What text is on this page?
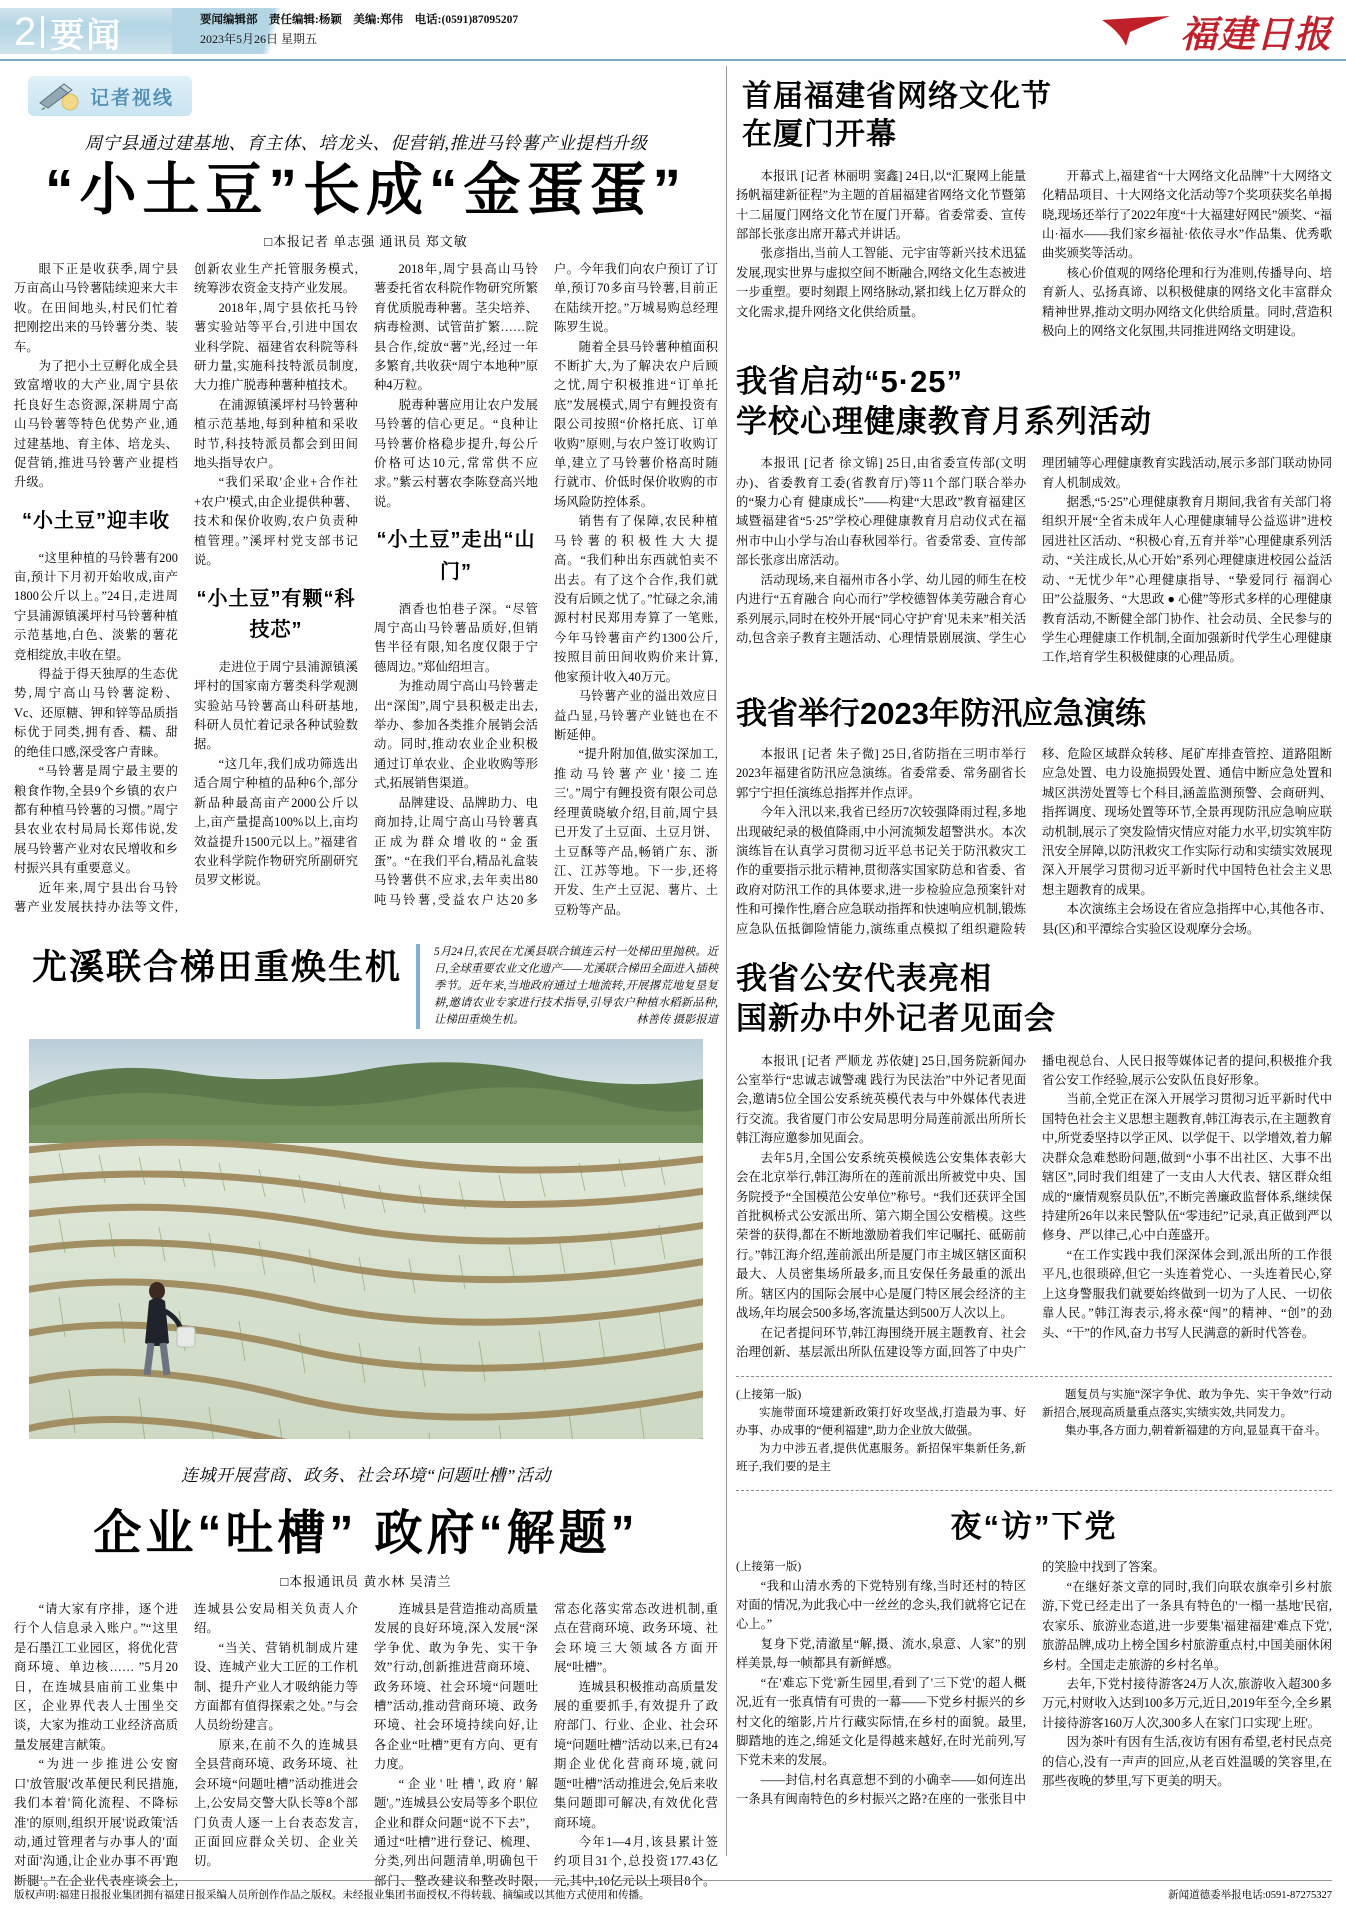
2 要闻	要闻编辑部　责任编辑:杨颖　美编:郑伟　电话:(0591)87095207
2023年5月26日 星期五	福建日报
记者视线
周宁县通过建基地、育主体、培龙头、促营销,推进马铃薯产业提档升级
“小土豆”长成“金蛋蛋”
□本报记者 单志强 通讯员 郑文敏

眼下正是收获季,周宁县万亩高山马铃薯陆续迎来大丰收。在田间地头,村民们忙着把刚挖出来的马铃薯分类、装车。

为了把小土豆孵化成全县致富增收的大产业,周宁县依托良好生态资源,深耕周宁高山马铃薯等特色优势产业,通过建基地、育主体、培龙头、促营销,推进马铃薯产业提档升级。

“小土豆”迎丰收

“这里种植的马铃薯有200亩,预计下月初开始收成,亩产1800公斤以上。”24日,走进周宁县浦源镇溪坪村马铃薯种植示范基地,白色、淡紫的薯花竞相绽放,丰收在望。

得益于得天独厚的生态优势,周宁高山马铃薯淀粉、Vc、还原糖、钾和锌等品质指标优于同类,拥有香、糯、甜的绝佳口感,深受客户青睐。

“马铃薯是周宁最主要的粮食作物,全县9个乡镇的农户都有种植马铃薯的习惯。”周宁县农业农村局局长郑伟说,发展马铃薯产业对农民增收和乡村振兴具有重要意义。

近年来,周宁县出台马铃薯产业发展扶持办法等文件,创新农业生产托管服务模式,统筹涉农资金支持产业发展。

2018年,周宁县依托马铃薯实验站等平台,引进中国农业科学院、福建省农科院等科研力量,实施科技特派员制度,大力推广脱毒种薯种植技术。

在浦源镇溪坪村马铃薯种植示范基地,每到种植和采收时节,科技特派员都会到田间地头指导农户。

“我们采取'企业+合作社+农户'模式,由企业提供种薯、技术和保价收购,农户负责种植管理。”溪坪村党支部书记说。

“小土豆”有颗“科技芯”

走进位于周宁县浦源镇溪坪村的国家南方薯类科学观测实验站马铃薯高山科研基地,科研人员忙着记录各种试验数据。

“这几年,我们成功筛选出适合周宁种植的品种6个,部分新品种最高亩产2000公斤以上,亩产量提高100%以上,亩均效益提升1500元以上。”福建省农业科学院作物研究所副研究员罗文彬说。

2018年,周宁县高山马铃薯委托省农科院作物研究所繁育优质脱毒种薯。茎尖培养、病毒检测、试管苗扩繁……院县合作,绽放“薯”光,经过一年多繁育,共收获“周宁本地种”原种4万粒。

脱毒种薯应用让农户发展马铃薯的信心更足。“良种让马铃薯价格稳步提升,每公斤价格可达10元,常常供不应求。”紫云村薯农李陈登高兴地说。

“小土豆”走出“山门”

酒香也怕巷子深。“尽管周宁高山马铃薯品质好,但销售半径有限,知名度仅限于宁德周边。”郑仙绍坦言。

为推动周宁高山马铃薯走出“深闺”,周宁县积极走出去,举办、参加各类推介展销会活动。同时,推动农业企业积极通过订单农业、企业收购等形式,拓展销售渠道。

品牌建设、品牌助力、电商加持,让周宁高山马铃薯真正成为群众增收的“金蛋蛋”。“在我们平台,精品礼盒装马铃薯供不应求,去年卖出80吨马铃薯,受益农户达20多户。今年我们向农户预订了订单,预订70多亩马铃薯,目前正在陆续开挖。”万城易购总经理陈罗生说。

随着全县马铃薯种植面积不断扩大,为了解决农户后顾之忧,周宁积极推进“订单托底”发展模式,周宁有鲤投资有限公司按照“价格托底、订单收购”原则,与农户签订收购订单,建立了马铃薯价格高时随行就市、价低时保价收购的市场风险防控体系。

销售有了保障,农民种植马铃薯的积极性大大提高。“我们种出东西就怕卖不出去。有了这个合作,我们就没有后顾之忧了。”忙碌之余,浦源村村民郑用寿算了一笔账,今年马铃薯亩产约1300公斤,按照目前田间收购价来计算,他家预计收入40万元。

马铃薯产业的溢出效应日益凸显,马铃薯产业链也在不断延伸。

“提升附加值,做实深加工,推动马铃薯产业'接二连三'。”周宁有鲤投资有限公司总经理黄晓敏介绍,目前,周宁县已开发了土豆面、土豆月饼、土豆酥等产品,畅销广东、浙江、江苏等地。下一步,还将开发、生产土豆泥、薯片、土豆粉等产品。

尤溪联合梯田重焕生机	5月24日,农民在尤溪县联合镇连云村一处梯田里抛秧。近日,全球重要农业文化遗产——尤溪联合梯田全面进入插秧季节。近年来,当地政府通过土地流转,开展撂荒地复垦复耕,邀请农业专家进行技术指导,引导农户种植水稻新品种,让梯田重焕生机。	林善传 摄影报道
连城开展营商、政务、社会环境“问题吐槽”活动
企业“吐槽” 政府“解题”
□本报通讯员 黄水林 吴清兰

“请大家有序排，逐个进行个人信息录入账户。”“这里是石墨江工业园区，将优化营商环境、单边核…… ”5月20日，在连城县庙前工业集中区，企业界代表人士围坐交谈，大家为推动工业经济高质量发展建言献策。

“为进一步推进公安窗口'放管服'改革便民利民措施,我们本着'简化流程、不降标准'的原则,组织开展'说政策'活动,通过管理者与办事人的'面对面'沟通,让企业办事不再'跑断腿'。”在企业代表座谈会上,连城县公安局相关负责人介绍。

“当关、营销机制成片建设、连城产业大工匠的工作机制、提升产业人才吸纳能力等方面都有值得探索之处。”与会人员纷纷建言。

原来,在前不久的连城县全县营商环境、政务环境、社会环境“问题吐槽”活动推进会上,公安局交警大队长等8个部门负责人逐一上台表态发言,正面回应群众关切、企业关切。

连城县是营造推动高质量发展的良好环境,深入发展“深学争优、敢为争先、实干争效”行动,创新推进营商环境、政务环境、社会环境“问题吐槽”活动,推动营商环境、政务环境、社会环境持续向好,让各企业“吐槽”更有方向、更有力度。

“企业'吐槽',政府'解题'。”连城县公安局等多个职位企业和群众问题“说不下去”，通过“吐槽”进行登记、梳理、分类,列出问题清单,明确包干部门、整改建议和整改时限,常态化落实常态改进机制,重点在营商环境、政务环境、社会环境三大领域各方面开展“吐槽”。

连城县积极推动高质量发展的重要抓手,有效提升了政府部门、行业、企业、社会环境“问题吐槽”活动以来,已有24期企业优化营商环境,就问题“吐槽”活动推进会,免后来收集问题即可解决,有效优化营商环境。

今年1—4月,该县累计签约项目31个,总投资177.43亿元,其中,10亿元以上项目8个。

首届福建省网络文化节
在厦门开幕

本报讯 [记者 林丽明 窦鑫] 24日,以“汇聚网上能量 扬帆福建新征程”为主题的首届福建省网络文化节暨第十二届厦门网络文化节在厦门开幕。省委常委、宣传部部长张彦出席开幕式并讲话。

张彦指出,当前人工智能、元宇宙等新兴技术迅猛发展,现实世界与虚拟空间不断融合,网络文化生态被进一步重塑。要时刻跟上网络脉动,紧扣线上亿万群众的文化需求,提升网络文化供给质量。

开幕式上,福建省“十大网络文化品牌”十大网络文化精品项目、十大网络文化活动等7个奖项获奖名单揭晓,现场还举行了2022年度“十大福建好网民”颁奖、“福山·福水——我们家乡福祉·依依寻水”作品集、优秀歌曲奖颁奖等活动。

核心价值观的网络伦理和行为准则,传播导向、培育新人、弘扬真谛、以积极健康的网络文化丰富群众精神世界,推动文明办网络文化供给质量。同时,营造积极向上的网络文化氛围,共同推进网络文明建设。

我省启动“5·25”
学校心理健康教育月系列活动

本报讯 [记者 徐文锦] 25日,由省委宣传部(文明办)、省委教育工委(省教育厅)等11个部门联合举办的“聚力心育 健康成长”——构建“大思政”教育福建区域暨福建省“5·25”学校心理健康教育月启动仪式在福州市中山小学与冶山春秋园举行。省委常委、宣传部部长张彦出席活动。

活动现场,来自福州市各小学、幼儿园的师生在校内进行“五育融合 向心而行”学校德智体美劳融合育心系列展示,同时在校外开展“同心守护'育'见未来”相关活动,包含亲子教育主题活动、心理情景剧展演、学生心理团辅等心理健康教育实践活动,展示多部门联动协同育人机制成效。

据悉,“5·25”心理健康教育月期间,我省有关部门将组织开展“全省未成年人心理健康辅导公益巡讲”进校园进社区活动、“积极心育,五育并举”心理健康系列活动、“关注成长,从心开始”系列心理健康进校园公益活动、“无忧少年”心理健康指导、“挚爱同行 福润心田”公益服务、“大思政 ● 心健”等形式多样的心理健康教育活动,不断健全部门协作、社会动员、全民参与的学生心理健康工作机制,全面加强新时代学生心理健康工作,培育学生积极健康的心理品质。

我省举行2023年防汛应急演练

本报讯 [记者 朱子微] 25日,省防指在三明市举行2023年福建省防汛应急演练。省委常委、常务副省长郭宁宁担任演练总指挥并作点评。

今年入汛以来,我省已经历7次较强降雨过程,多地出现破纪录的极值降雨,中小河流频发超警洪水。本次演练旨在认真学习贯彻习近平总书记关于防汛救灾工作的重要指示批示精神,贯彻落实国家防总和省委、省政府对防汛工作的具体要求,进一步检验应急预案针对性和可操作性,磨合应急联动指挥和快速响应机制,锻炼应急队伍抵御险情能力,演练重点模拟了组织避险转移、危险区域群众转移、尾矿库排查管控、道路阻断应急处置、电力设施损毁处置、通信中断应急处置和城区洪涝处置等七个科目,涵盖监测预警、会商研判、指挥调度、现场处置等环节,全景再现防汛应急响应联动机制,展示了突发险情灾情应对能力水平,切实筑牢防汛安全屏障,以防汛救灾工作实际行动和实绩实效展现深入开展学习贯彻习近平新时代中国特色社会主义思想主题教育的成果。

本次演练主会场设在省应急指挥中心,其他各市、县(区)和平潭综合实验区设观摩分会场。

我省公安代表亮相
国新办中外记者见面会

本报讯 [记者 严顺龙 苏依婕] 25日,国务院新闻办公室举行“忠诚志诚警魂 践行为民法治”中外记者见面会,邀请5位全国公安系统英模代表与中外媒体代表进行交流。我省厦门市公安局思明分局莲前派出所所长韩江海应邀参加见面会。

去年5月,全国公安系统英模候选公安集体表彰大会在北京举行,韩江海所在的莲前派出所被党中央、国务院授予“全国模范公安单位”称号。“我们还获评全国首批枫桥式公安派出所、第六期全国公安楷模。这些荣誉的获得,都在不断地激励着我们牢记嘱托、砥砺前行。”韩江海介绍,莲前派出所是厦门市主城区辖区面积最大、人员密集场所最多,而且安保任务最重的派出所。辖区内的国际会展中心是厦门特区展会经济的主战场,年均展会500多场,客流量达到500万人次以上。

在记者提问环节,韩江海围绕开展主题教育、社会治理创新、基层派出所队伍建设等方面,回答了中央广播电视总台、人民日报等媒体记者的提问,积极推介我省公安工作经验,展示公安队伍良好形象。

当前,全党正在深入开展学习贯彻习近平新时代中国特色社会主义思想主题教育,韩江海表示,在主题教育中,所党委坚持以学正风、以学促干、以学增效,着力解决群众急难愁盼问题,做到“小事不出社区、大事不出辖区”,同时我们组建了一支由人大代表、辖区群众组成的“廉情观察员队伍”,不断完善廉政监督体系,继续保持建所26年以来民警队伍“零违纪”记录,真正做到严以修身、严以律己,心中白莲盛开。

“在工作实践中我们深深体会到,派出所的工作很平凡,也很琐碎,但它一头连着党心、一头连着民心,穿上这身警服我们就要始终做到一切为了人民、一切依靠人民。”韩江海表示,将永葆“闯”的精神、“创”的劲头、“干”的作风,奋力书写人民满意的新时代答卷。

(上接第一版)

实施带面环境建新政策打好攻坚战,打造最为事、好办事、办成事的“便利福建”,助力企业放大做强。

为力中涉五者,提供优惠服务。新招保牢集新任务,新班子,我们要的是主

题复员与实施“深字争优、敢为争先、实干争效”行动新招合,展现高质量重点落实,实绩实效,共同发力。

集办事,各方面力,朝着新福建的方向,显显真干奋斗。

夜“访”下党
(上接第一版)

“我和山清水秀的下党特别有缘,当时还村的特区对面的情况,为此我心中一丝丝的念头,我们就将它记在心上。”

复身下党,清澈星“解,摄、流水,泉意、人家”的别样美景,每一帧都具有新鲜感。

“在'难忘下党'新生园里,看到了'三下党'的超人概况,近有一张真情有可贵的一幕——下党乡村振兴的乡村文化的缩影,片片行藏实际情,在乡村的面貌。最里,脚踏地的连之,绵延文化是得越来越好,在时光前列,写下党未来的发展。

——封信,村名真意想不到的小确幸——如何连出一条具有闽南特色的乡村振兴之路?在座的一张张目中的笑脸中找到了答案。

“在继好茶文章的同时,我们向联农旗牵引乡村旅游,下党已经走出了一条具有特色的'一榻一基地'民宿,农家乐、旅游业态道,进一步要集'福建福建'难点下党',旅游品牌,成功上榜全国乡村旅游重点村,中国美丽休闲乡村。全国走走旅游的乡村名单。

去年,下党村接待游客24万人次,旅游收入超300多万元,村财收入达到100多万元,近日,2019年至今,全乡累计接待游客160万人次,300多人在家门口实现'上班'。

因为茶叶有因有生活,夜访有困有希望,老村民点亮的信心,没有一声声的回应,从老百姓温暖的笑容里,在那些夜晚的梦里,写下更美的明天。

版权声明:福建日报报业集团拥有福建日报采编人员所创作作品之版权。未经报业集团书面授权,不得转载、摘编或以其他方式使用和传播。	新闻道德委举报电话:0591-87275327
